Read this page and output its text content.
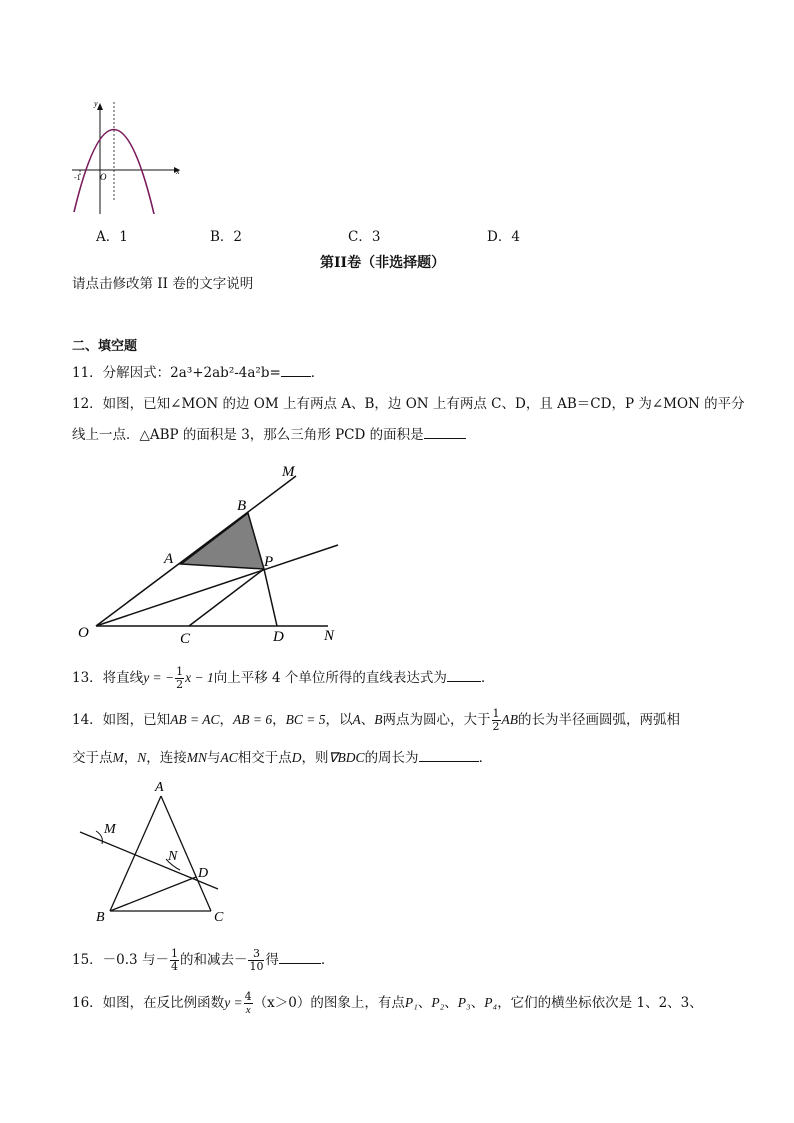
y
x
O
-1
A．1	B．2	C．3	D．4
第II卷（非选择题）
请点击修改第 II 卷的文字说明
二、填空题
11．分解因式：2a³+2ab²-4a²b= ．
12．如图，已知∠MON 的边 OM 上有两点 A、B，边 ON 上有两点 C、D，且 AB＝CD，P 为∠MON 的平分
线上一点．△ABP 的面积是 3，那么三角形 PCD 的面积是
M
B
A	P
O	C	D	N
13．将直线y = − $\frac{1}{2}$ x − 1向上平移 4 个单位所得的直线表达式为	．
14．如图，已知AB = AC，AB = 6，BC = 5，以A、B两点为圆心，大于 $\frac{1}{2}$ AB的长为半径画圆弧，两弧相
交于点M，N，连接MN与AC相交于点D，则∇BDC的周长为	．
A
M
N
D
B	C
15．－0.3 与－ $\frac{1}{4}$ 的和减去－ $\frac{3}{10}$ 得	．
16．如图，在反比例函数$y = \frac{4}{x} (x>0)$的图象上，有点P₁、P₂、P₃、P₄，它们的横坐标依次是 1、2、3、
